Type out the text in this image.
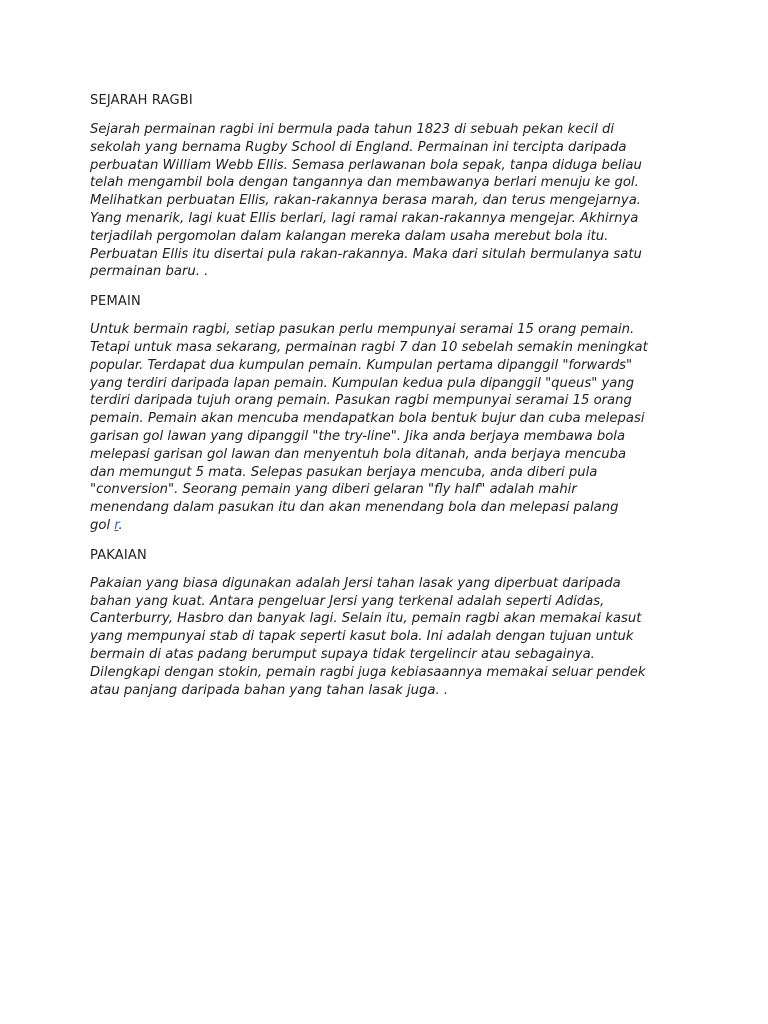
SEJARAH RAGBI

Sejarah permainan ragbi ini bermula pada tahun 1823 di sebuah pekan kecil di
sekolah yang bernama Rugby School di England. Permainan ini tercipta daripada
perbuatan William Webb Ellis. Semasa perlawanan bola sepak, tanpa diduga beliau
telah mengambil bola dengan tangannya dan membawanya berlari menuju ke gol.
Melihatkan perbuatan Ellis, rakan-rakannya berasa marah, dan terus mengejarnya.
Yang menarik, lagi kuat Ellis berlari, lagi ramai rakan-rakannya mengejar. Akhirnya
terjadilah pergomolan dalam kalangan mereka dalam usaha merebut bola itu.
Perbuatan Ellis itu disertai pula rakan-rakannya. Maka dari situlah bermulanya satu
permainan baru. .

PEMAIN

Untuk bermain ragbi, setiap pasukan perlu mempunyai seramai 15 orang pemain.
Tetapi untuk masa sekarang, permainan ragbi 7 dan 10 sebelah semakin meningkat
popular. Terdapat dua kumpulan pemain. Kumpulan pertama dipanggil "forwards"
yang terdiri daripada lapan pemain. Kumpulan kedua pula dipanggil "queus" yang
terdiri daripada tujuh orang pemain. Pasukan ragbi mempunyai seramai 15 orang
pemain. Pemain akan mencuba mendapatkan bola bentuk bujur dan cuba melepasi
garisan gol lawan yang dipanggil "the try-line". Jika anda berjaya membawa bola
melepasi garisan gol lawan dan menyentuh bola ditanah, anda berjaya mencuba
dan memungut 5 mata. Selepas pasukan berjaya mencuba, anda diberi pula
"conversion". Seorang pemain yang diberi gelaran "fly half" adalah mahir
menendang dalam pasukan itu dan akan menendang bola dan melepasi palang
gol r.

PAKAIAN

Pakaian yang biasa digunakan adalah Jersi tahan lasak yang diperbuat daripada
bahan yang kuat. Antara pengeluar Jersi yang terkenal adalah seperti Adidas,
Canterburry, Hasbro dan banyak lagi. Selain itu, pemain ragbi akan memakai kasut
yang mempunyai stab di tapak seperti kasut bola. Ini adalah dengan tujuan untuk
bermain di atas padang berumput supaya tidak tergelincir atau sebagainya.
Dilengkapi dengan stokin, pemain ragbi juga kebiasaannya memakai seluar pendek
atau panjang daripada bahan yang tahan lasak juga. .
